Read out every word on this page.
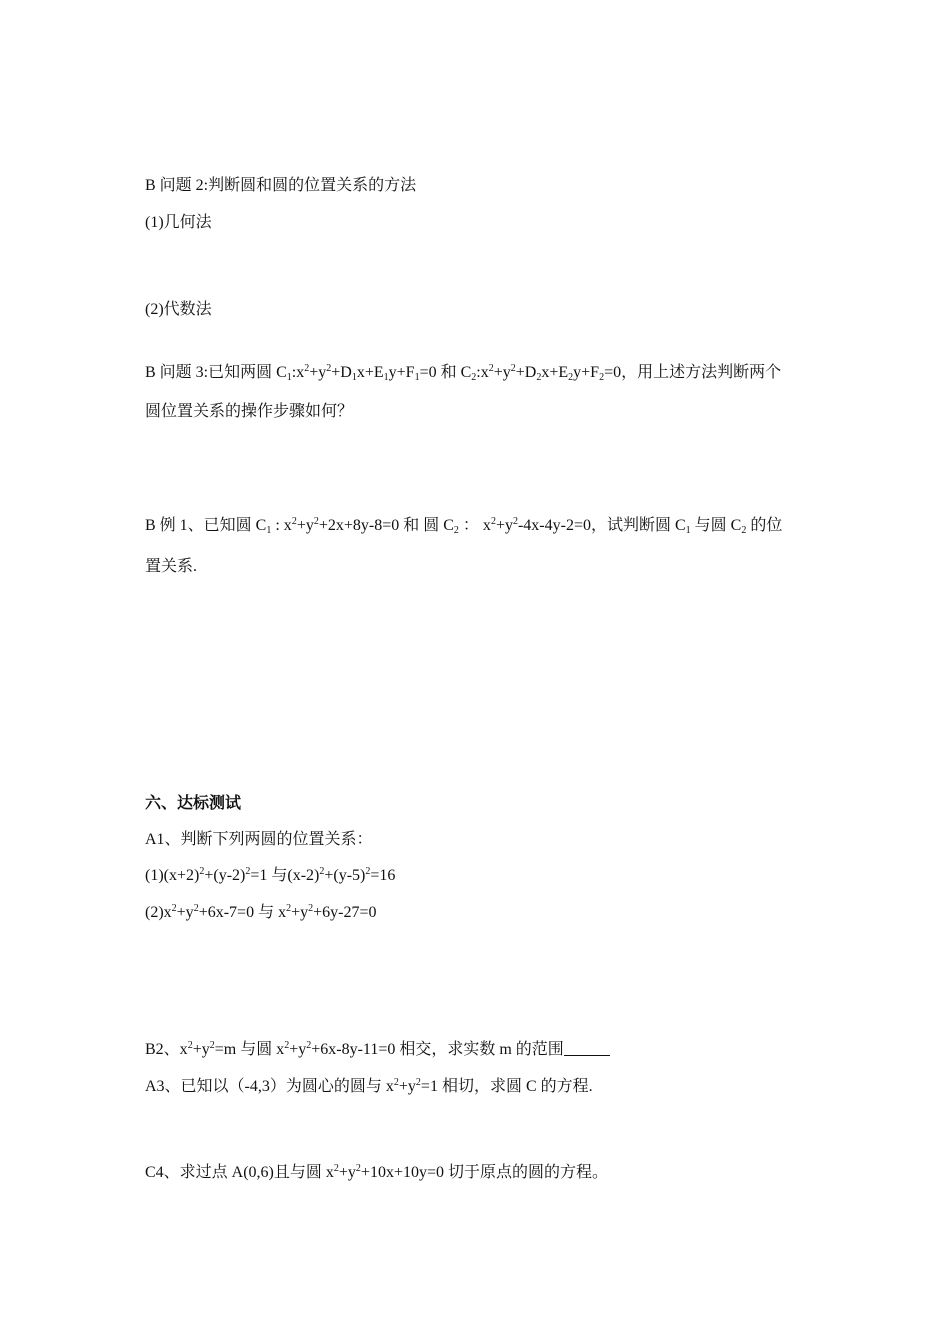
B 问题 2:判断圆和圆的位置关系的方法
(1)几何法
(2)代数法
B 问题 3:已知两圆 $C_1:x^2+y^2+D_1x+E_1y+F_1=0$ 和 $C_2:x^2+y^2+D_2x+E_2y+F_2=0$，用上述方法判断两个
圆位置关系的操作步骤如何？
B 例 1、已知圆 $C_1$ : $x^2+y^2+2x+8y-8=0$ 和 圆 $C_2$ ： $x^2+y^2-4x-4y-2=0$，试判断圆 $C_1$ 与圆 $C_2$ 的位
置关系.
六、达标测试
A1、判断下列两圆的位置关系：
$(1)(x+2)^2+(y-2)^2=1$ 与$(x-2)^2+(y-5)^2=16$
$(2)x^2+y^2+6x-7=0$ 与 $x^2+y^2+6y-27=0$
B2、$x^2+y^2=m$ 与圆 $x^2+y^2+6x-8y-11=0$ 相交，求实数 m 的范围
A3、已知以（-4,3）为圆心的圆与 $x^2+y^2=1$ 相切，求圆 C 的方程.
C4、求过点 A(0,6)且与圆 $x^2+y^2+10x+10y=0$ 切于原点的圆的方程。
